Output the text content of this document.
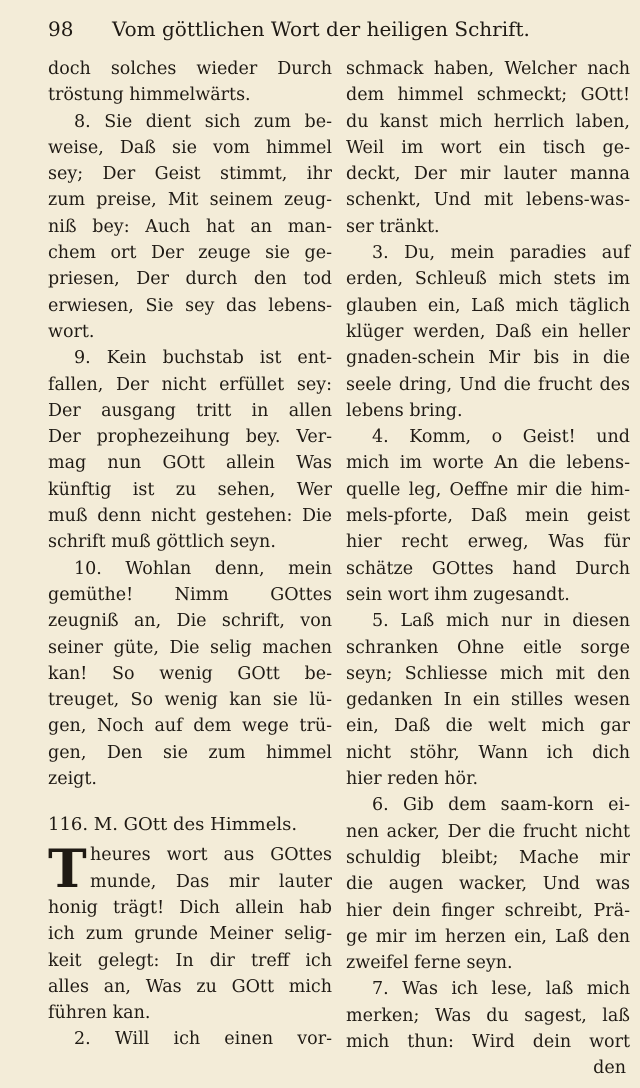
98 Vom göttlichen Wort der heiligen Schrift.
doch solches wieder Durch
tröstung himmelwärts.
8. Sie dient sich zum be-
weise, Daß sie vom himmel
sey; Der Geist stimmt, ihr
zum preise, Mit seinem zeug-
niß bey: Auch hat an man-
chem ort Der zeuge sie ge-
priesen, Der durch den tod
erwiesen, Sie sey das lebens-
wort.
9. Kein buchstab ist ent-
fallen, Der nicht erfüllet sey:
Der ausgang tritt in allen
Der prophezeihung bey. Ver-
mag nun GOtt allein Was
künftig ist zu sehen, Wer
muß denn nicht gestehen: Die
schrift muß göttlich seyn.
10. Wohlan denn, mein
gemüthe! Nimm GOttes
zeugniß an, Die schrift, von
seiner güte, Die selig machen
kan! So wenig GOtt be-
treuget, So wenig kan sie lü-
gen, Noch auf dem wege trü-
gen, Den sie zum himmel
zeigt.
116. M. GOtt des Himmels.
T heures wort aus GOttes
munde, Das mir lauter
honig trägt! Dich allein hab
ich zum grunde Meiner selig-
keit gelegt: In dir treff ich
alles an, Was zu GOtt mich
führen kan.
2. Will ich einen vor-
schmack haben, Welcher nach
dem himmel schmeckt; GOtt!
du kanst mich herrlich laben,
Weil im wort ein tisch ge-
deckt, Der mir lauter manna
schenkt, Und mit lebens-was-
ser tränkt.
3. Du, mein paradies auf
erden, Schleuß mich stets im
glauben ein, Laß mich täglich
klüger werden, Daß ein heller
gnaden-schein Mir bis in die
seele dring, Und die frucht des
lebens bring.
4. Komm, o Geist! und
mich im worte An die lebens-
quelle leg, Oeffne mir die him-
mels-pforte, Daß mein geist
hier recht erweg, Was für
schätze GOttes hand Durch
sein wort ihm zugesandt.
5. Laß mich nur in diesen
schranken Ohne eitle sorge
seyn; Schliesse mich mit den
gedanken In ein stilles wesen
ein, Daß die welt mich gar
nicht stöhr, Wann ich dich
hier reden hör.
6. Gib dem saam-korn ei-
nen acker, Der die frucht nicht
schuldig bleibt; Mache mir
die augen wacker, Und was
hier dein finger schreibt, Prä-
ge mir im herzen ein, Laß den
zweifel ferne seyn.
7. Was ich lese, laß mich
merken; Was du sagest, laß
mich thun: Wird dein wort
den
